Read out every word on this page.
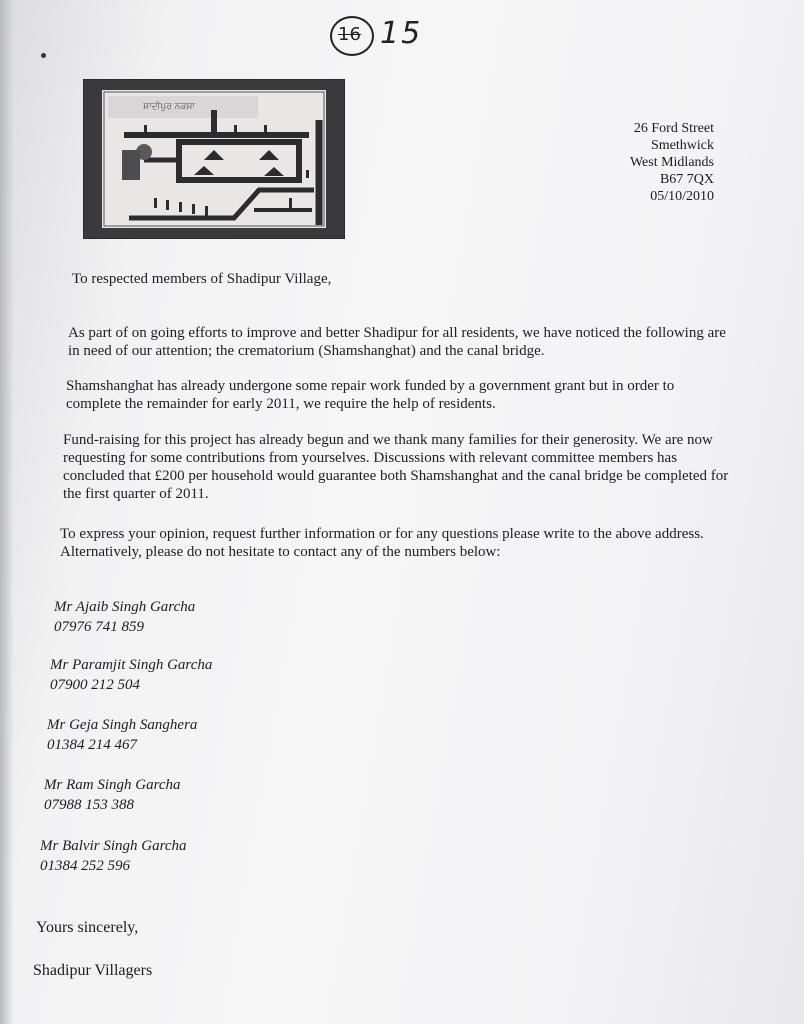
16 15
ਸ਼ਾਦੀਪੁਰ ਨਕਸ਼ਾ
26 Ford Street
Smethwick
West Midlands
B67 7QX
05/10/2010
To respected members of Shadipur Village,
As part of on going efforts to improve and better Shadipur for all residents, we have noticed the following are in need of our attention; the crematorium (Shamshanghat) and the canal bridge.
Shamshanghat has already undergone some repair work funded by a government grant but in order to complete the remainder for early 2011, we require the help of residents.
Fund-raising for this project has already begun and we thank many families for their generosity. We are now requesting for some contributions from yourselves. Discussions with relevant committee members has concluded that £200 per household would guarantee both Shamshanghat and the canal bridge be completed for the first quarter of 2011.
To express your opinion, request further information or for any questions please write to the above address. Alternatively, please do not hesitate to contact any of the numbers below:
Mr Ajaib Singh Garcha
07976 741 859
Mr Paramjit Singh Garcha
07900 212 504
Mr Geja Singh Sanghera
01384 214 467
Mr Ram Singh Garcha
07988 153 388
Mr Balvir Singh Garcha
01384 252 596
Yours sincerely,
Shadipur Villagers
